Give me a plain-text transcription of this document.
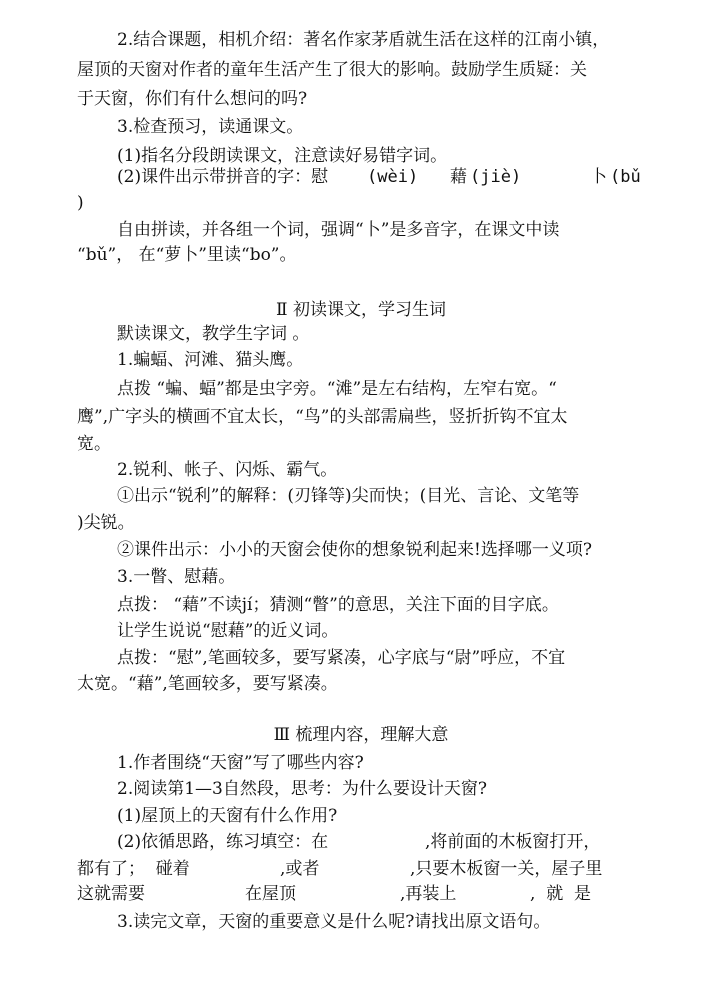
2.结合课题，相机介绍：著名作家茅盾就生活在这样的江南小镇，
屋顶的天窗对作者的童年生活产生了很大的影响。鼓励学生质疑：关
于天窗，你们有什么想问的吗?
3.检查预习，读通课文。
(1)指名分段朗读课文，注意读好易错字词。
(2)课件出示带拼音的字：慰 (wèi) 藉 (jiè)	卜 (bǔ
)
自由拼读，并各组一个词，强调“卜”是多音字，在课文中读
“bǔ”， 在“萝卜”里读“bo”。
Ⅱ 初读课文，学习生词
默读课文，教学生字词 。
1.蝙蝠、河滩、猫头鹰。
点拨 “蝙、蝠”都是虫字旁。“滩”是左右结构，左窄右宽。“
鹰”,广字头的横画不宜太长，“鸟”的头部需扁些，竖折折钩不宜太
宽。
2.锐利、帐子、闪烁、霸气。
①出示“锐利”的解释：(刃锋等)尖而快；(目光、言论、文笔等
)尖锐。
②课件出示：小小的天窗会使你的想象锐利起来!选择哪一义项?
3.一瞥、慰藉。
点拨： “藉”不读jí；猜测“瞥”的意思，关注下面的目字底。
让学生说说“慰藉”的近义词。
点拨：“慰”,笔画较多，要写紧凑，心字底与“尉”呼应，不宜
太宽。“藉”,笔画较多，要写紧凑。
Ⅲ 梳理内容，理解大意
1.作者围绕“天窗”写了哪些内容?
2.阅读第1—3自然段，思考：为什么要设计天窗?
(1)屋顶上的天窗有什么作用?
(2)依循思路，练习填空：在	,将前面的木板窗打开，
都有了；  碰着	,或者	,只要木板窗一关，屋子里
这就需要	在屋顶	,再装上	,  就  是
3.读完文章，天窗的重要意义是什么呢?请找出原文语句。
